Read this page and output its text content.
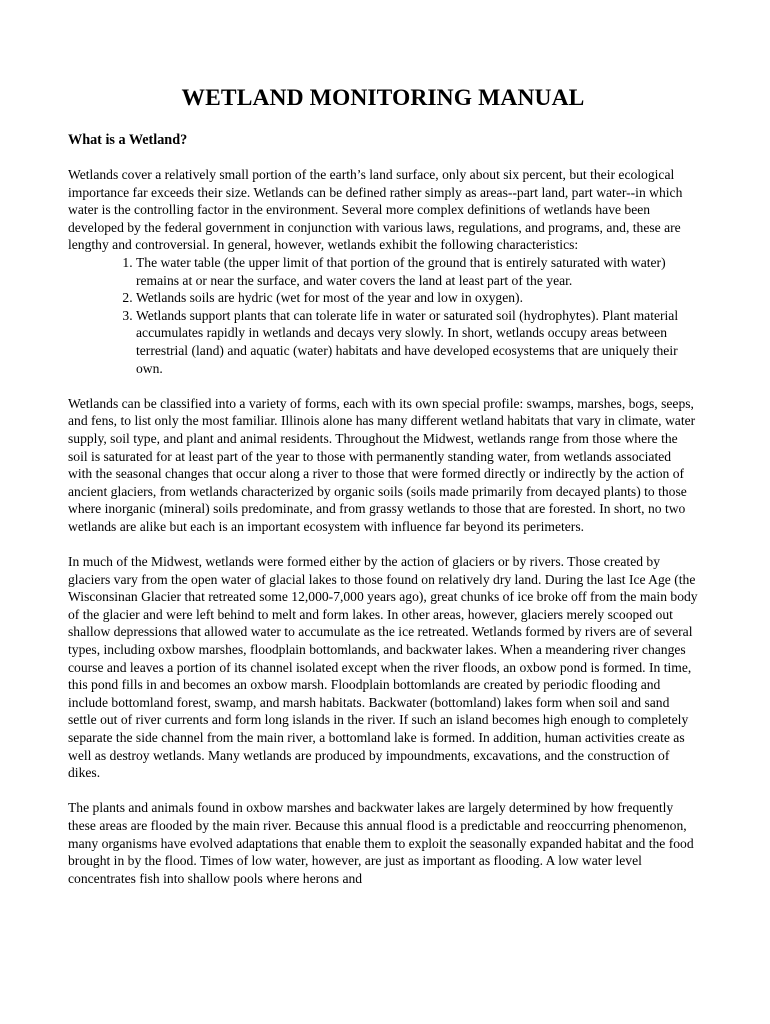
WETLAND MONITORING MANUAL
What is a Wetland?

Wetlands cover a relatively small portion of the earth’s land surface, only about six percent, but their ecological importance far exceeds their size. Wetlands can be defined rather simply as areas--part land, part water--in which water is the controlling factor in the environment. Several more complex definitions of wetlands have been developed by the federal government in conjunction with various laws, regulations, and programs, and, these are lengthy and controversial. In general, however, wetlands exhibit the following characteristics:

1. The water table (the upper limit of that portion of the ground that is entirely saturated with water) remains at or near the surface, and water covers the land at least part of the year.
2. Wetlands soils are hydric (wet for most of the year and low in oxygen).
3. Wetlands support plants that can tolerate life in water or saturated soil (hydrophytes). Plant material accumulates rapidly in wetlands and decays very slowly. In short, wetlands occupy areas between terrestrial (land) and aquatic (water) habitats and have developed ecosystems that are uniquely their own.

Wetlands can be classified into a variety of forms, each with its own special profile: swamps, marshes, bogs, seeps, and fens, to list only the most familiar. Illinois alone has many different wetland habitats that vary in climate, water supply, soil type, and plant and animal residents. Throughout the Midwest, wetlands range from those where the soil is saturated for at least part of the year to those with permanently standing water, from wetlands associated with the seasonal changes that occur along a river to those that were formed directly or indirectly by the action of ancient glaciers, from wetlands characterized by organic soils (soils made primarily from decayed plants) to those where inorganic (mineral) soils predominate, and from grassy wetlands to those that are forested. In short, no two wetlands are alike but each is an important ecosystem with influence far beyond its perimeters.

In much of the Midwest, wetlands were formed either by the action of glaciers or by rivers. Those created by glaciers vary from the open water of glacial lakes to those found on relatively dry land. During the last Ice Age (the Wisconsinan Glacier that retreated some 12,000-7,000 years ago), great chunks of ice broke off from the main body of the glacier and were left behind to melt and form lakes. In other areas, however, glaciers merely scooped out shallow depressions that allowed water to accumulate as the ice retreated. Wetlands formed by rivers are of several types, including oxbow marshes, floodplain bottomlands, and backwater lakes. When a meandering river changes course and leaves a portion of its channel isolated except when the river floods, an oxbow pond is formed. In time, this pond fills in and becomes an oxbow marsh. Floodplain bottomlands are created by periodic flooding and include bottomland forest, swamp, and marsh habitats. Backwater (bottomland) lakes form when soil and sand settle out of river currents and form long islands in the river. If such an island becomes high enough to completely separate the side channel from the main river, a bottomland lake is formed. In addition, human activities create as well as destroy wetlands. Many wetlands are produced by impoundments, excavations, and the construction of dikes.

The plants and animals found in oxbow marshes and backwater lakes are largely determined by how frequently these areas are flooded by the main river. Because this annual flood is a predictable and reoccurring phenomenon, many organisms have evolved adaptations that enable them to exploit the seasonally expanded habitat and the food brought in by the flood. Times of low water, however, are just as important as flooding. A low water level concentrates fish into shallow pools where herons and
